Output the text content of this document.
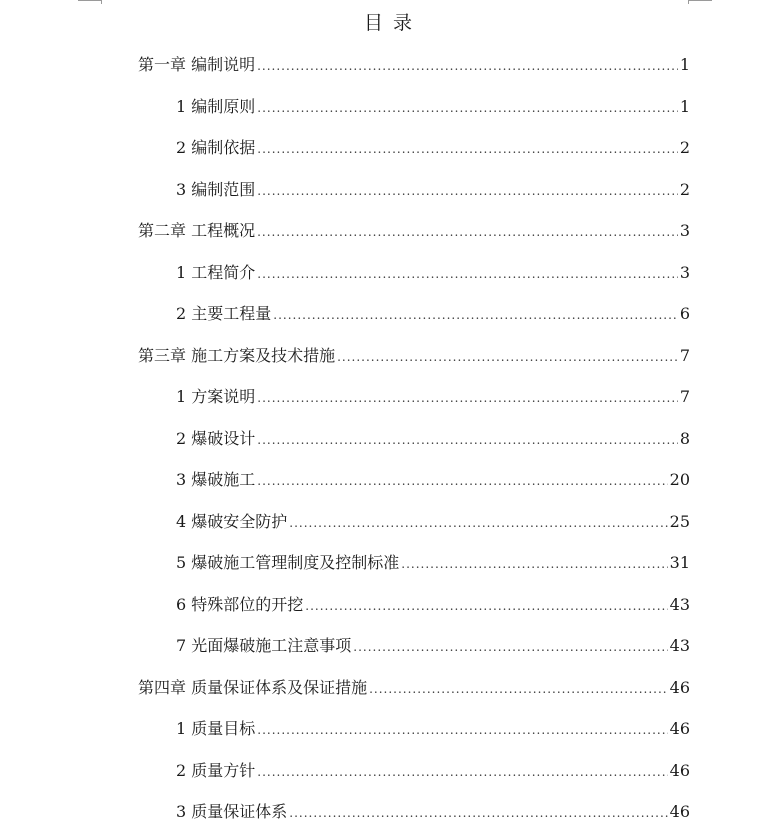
目 录
第一章 编制说明 .....	1
1 编制原则 .....	1
2 编制依据 .....	2
3 编制范围 .....	2
第二章 工程概况 .....	3
1 工程简介 .....	3
2 主要工程量 .....	6
第三章 施工方案及技术措施 .....	7
1 方案说明 .....	7
2 爆破设计 .....	8
3 爆破施工 .....	20
4 爆破安全防护 .....	25
5 爆破施工管理制度及控制标准 .....	31
6 特殊部位的开挖 .....	43
7 光面爆破施工注意事项 .....	43
第四章 质量保证体系及保证措施 .....	46
1 质量目标 .....	46
2 质量方针 .....	46
3 质量保证体系 .....	46
